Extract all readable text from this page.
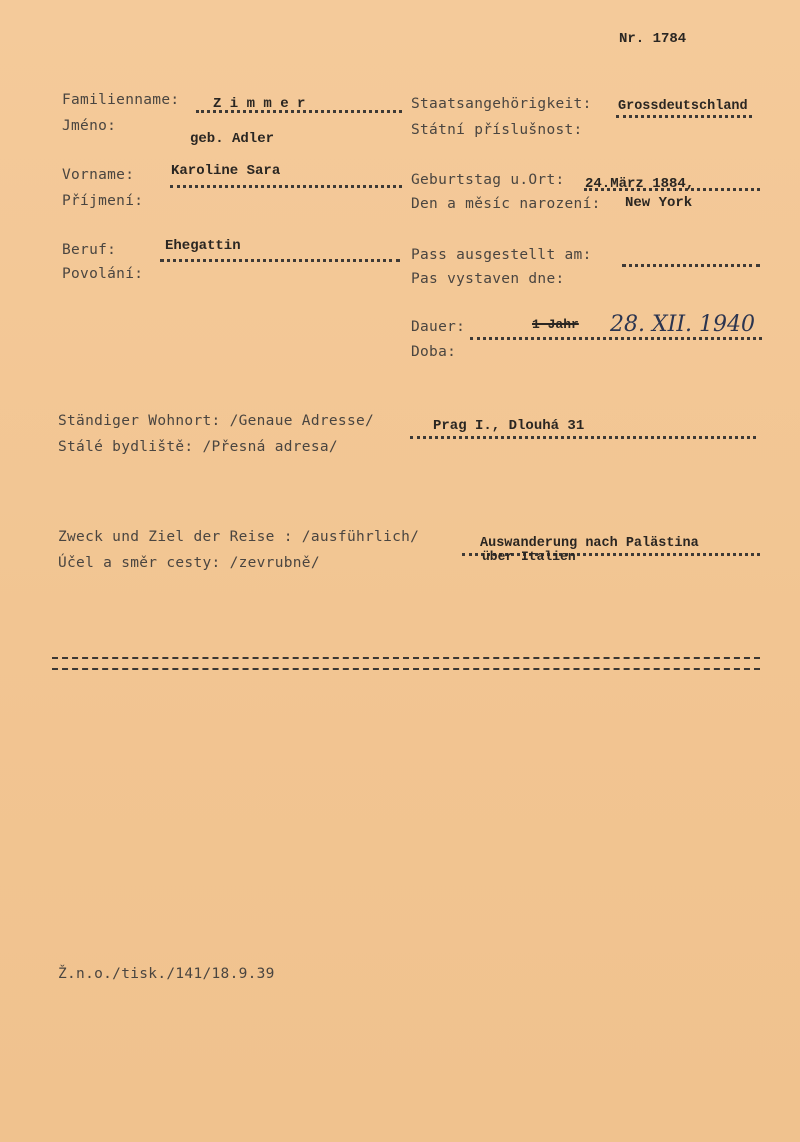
Nr. 1784
Familienname:
Jméno:
Z i m m e r
geb. Adler
Vorname:
Příjmení:
Karoline Sara
Beruf:
Povolání:
Ehegattin
Staatsangehörigkeit:
Státní příslušnost:
Grossdeutschland
Geburtstag u.Ort:
Den a měsíc narození:
24.März 1884,
New York
Pass ausgestellt am:
Pas vystaven dne:
Dauer:
Doba:
1 Jahr 28. XII. 1940
Ständiger Wohnort: /Genaue Adresse/
Stálé bydliště: /Přesná adresa/
Prag I., Dlouhá 31
Zweck und Ziel der Reise : /ausführlich/
Účel a směr cesty: /zevrubně/
Auswanderung nach Palästina
über Italien
Ž.n.o./tisk./141/18.9.39
